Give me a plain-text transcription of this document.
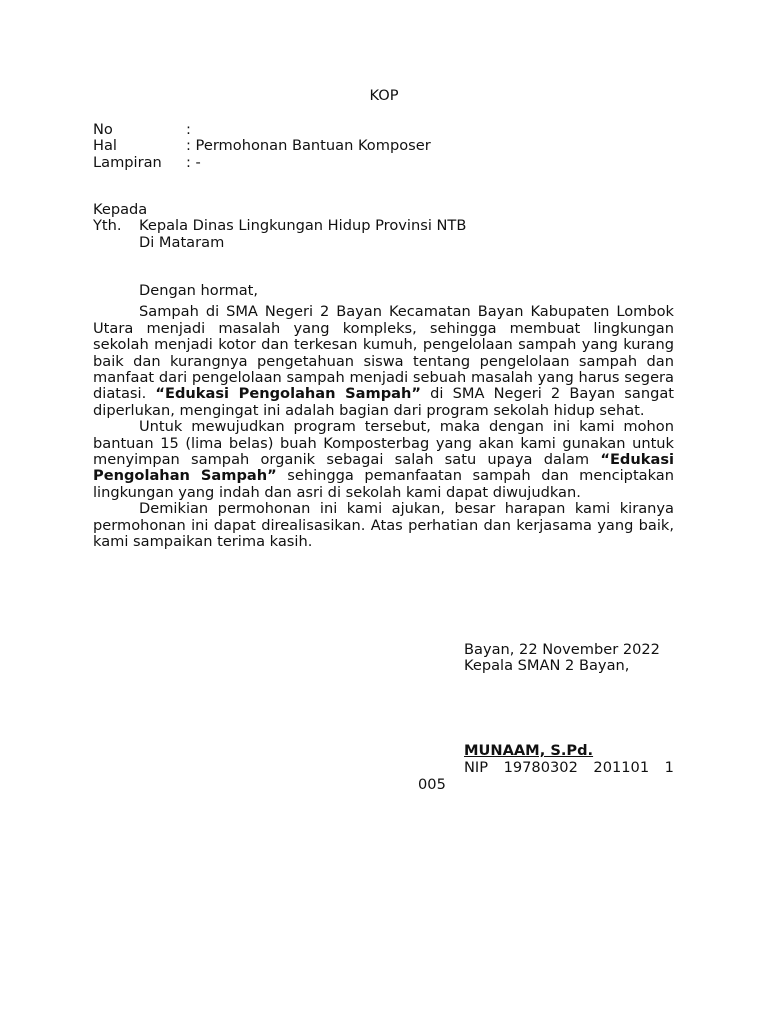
KOP
No	:
Hal	: Permohonan Bantuan Komposer
Lampiran	: -
Kepada
Yth.	Kepala Dinas Lingkungan Hidup Provinsi NTB
Di Mataram
Dengan hormat,

Sampah di SMA Negeri 2 Bayan Kecamatan Bayan Kabupaten Lombok Utara menjadi masalah yang kompleks, sehingga membuat lingkungan sekolah menjadi kotor dan terkesan kumuh, pengelolaan sampah yang kurang baik dan kurangnya pengetahuan siswa tentang pengelolaan sampah dan manfaat dari pengelolaan sampah menjadi sebuah masalah yang harus segera diatasi. “Edukasi Pengolahan Sampah” di SMA Negeri 2 Bayan sangat diperlukan, mengingat ini adalah bagian dari program sekolah hidup sehat.

Untuk mewujudkan program tersebut, maka dengan ini kami mohon bantuan 15 (lima belas) buah Komposterbag yang akan kami gunakan untuk menyimpan sampah organik sebagai salah satu upaya dalam “Edukasi Pengolahan Sampah” sehingga pemanfaatan sampah dan menciptakan lingkungan yang indah dan asri di sekolah kami dapat diwujudkan.

Demikian permohonan ini kami ajukan, besar harapan kami kiranya permohonan ini dapat direalisasikan. Atas perhatian dan kerjasama yang baik, kami sampaikan terima kasih.

Bayan, 22 November 2022
Kepala SMAN 2 Bayan,
MUNAAM, S.Pd.
NIP 19780302 201101 1
005
